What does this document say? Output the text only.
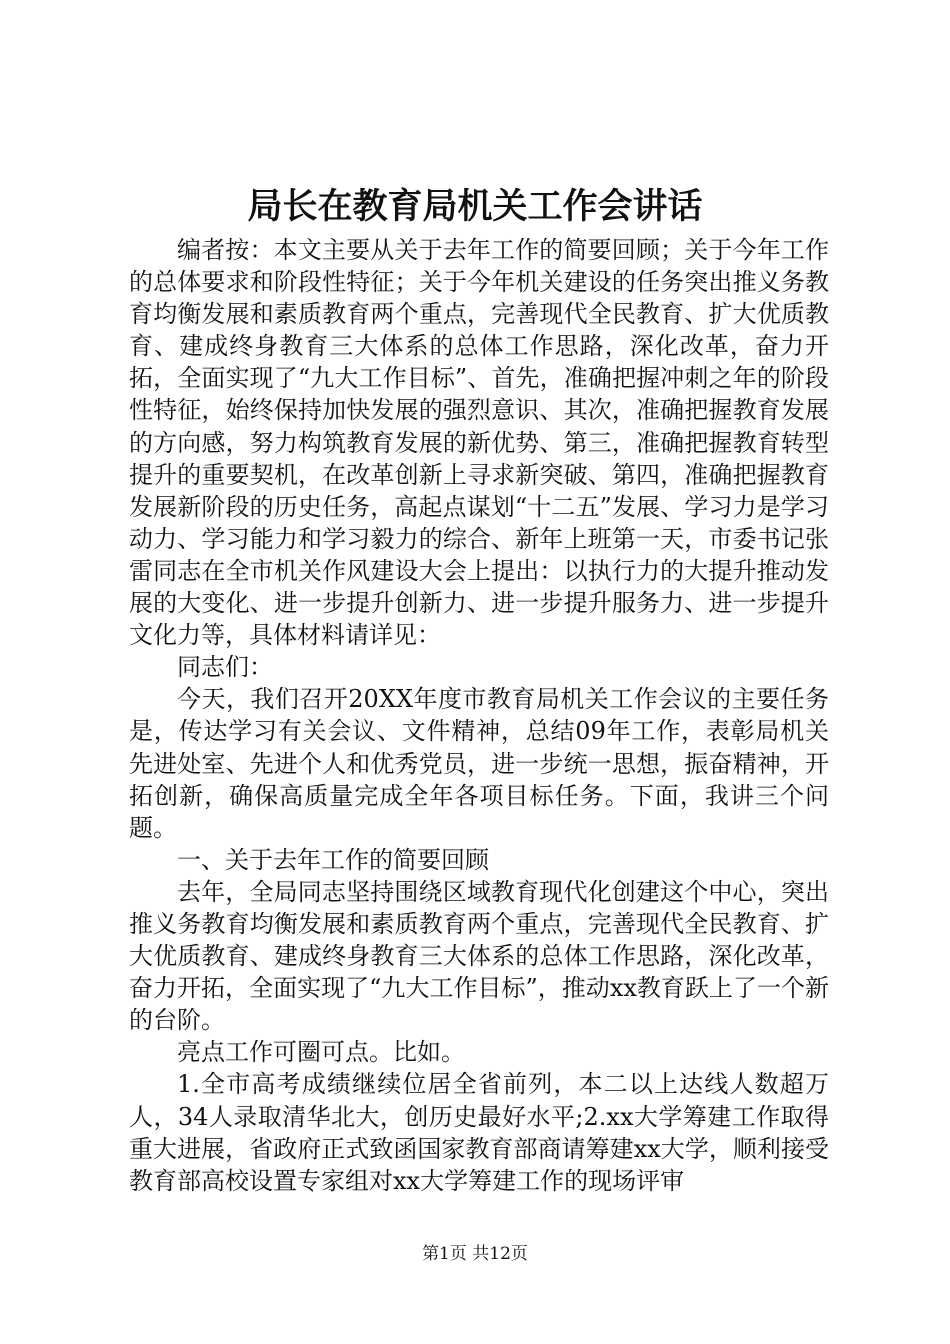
局长在教育局机关工作会讲话

编者按：本文主要从关于去年工作的简要回顾；关于今年工作的总体要求和阶段性特征；关于今年机关建设的任务突出推义务教育均衡发展和素质教育两个重点，完善现代全民教育、扩大优质教育、建成终身教育三大体系的总体工作思路，深化改革，奋力开拓，全面实现了“九大工作目标”、首先，准确把握冲刺之年的阶段性特征，始终保持加快发展的强烈意识、其次，准确把握教育发展的方向感，努力构筑教育发展的新优势、第三，准确把握教育转型提升的重要契机，在改革创新上寻求新突破、第四，准确把握教育发展新阶段的历史任务，高起点谋划“十二五”发展、学习力是学习动力、学习能力和学习毅力的综合、新年上班第一天，市委书记张雷同志在全市机关作风建设大会上提出：以执行力的大提升推动发展的大变化、进一步提升创新力、进一步提升服务力、进一步提升文化力等，具体材料请详见：

同志们：

今天，我们召开20XX年度市教育局机关工作会议的主要任务是，传达学习有关会议、文件精神，总结09年工作，表彰局机关先进处室、先进个人和优秀党员，进一步统一思想，振奋精神，开拓创新，确保高质量完成全年各项目标任务。下面，我讲三个问题。

一、关于去年工作的简要回顾

去年，全局同志坚持围绕区域教育现代化创建这个中心，突出推义务教育均衡发展和素质教育两个重点，完善现代全民教育、扩大优质教育、建成终身教育三大体系的总体工作思路，深化改革，奋力开拓，全面实现了“九大工作目标”，推动xx教育跃上了一个新的台阶。

亮点工作可圈可点。比如。

1.全市高考成绩继续位居全省前列，本二以上达线人数超万人，34人录取清华北大，创历史最好水平;2.xx大学筹建工作取得重大进展，省政府正式致函国家教育部商请筹建xx大学，顺利接受教育部高校设置专家组对xx大学筹建工作的现场评审

第1页 共12页
